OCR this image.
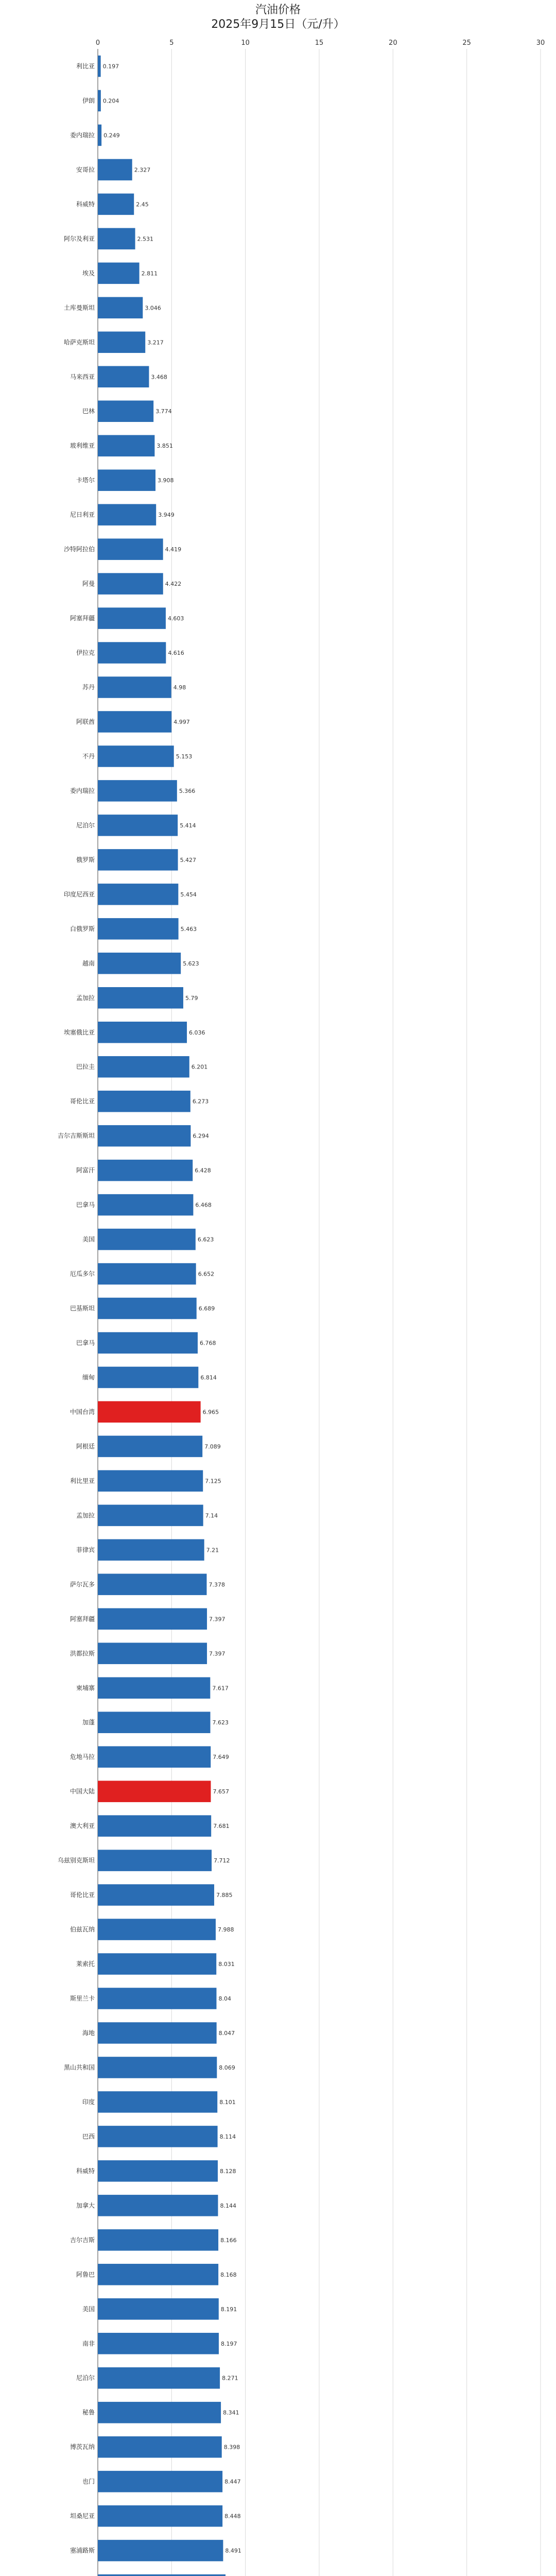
汽油价格
2025年9月15日（元/升）
0	5	10	15	20	25	30
利比亚 0.197
伊朗 0.204
委内瑞拉 0.249
安哥拉	2.327
科威特	2.45
阿尔及利亚	2.531
埃及	2.811
土库曼斯坦	3.046
哈萨克斯坦	3.217
马来西亚	3.468
巴林	3.774
玻利维亚	3.851
卡塔尔	3.908
尼日利亚	3.949
沙特阿拉伯	4.419
阿曼	4.422
阿塞拜疆	4.603
伊拉克	4.616
苏丹	4.98
阿联酋	4.997
不丹	5.153
委内瑞拉	5.366
尼泊尔	5.414
俄罗斯	5.427
印度尼西亚	5.454
白俄罗斯	5.463
越南	5.623
孟加拉	5.79
埃塞俄比亚	6.036
巴拉圭	6.201
哥伦比亚	6.273
吉尔吉斯斯坦	6.294
阿富汗	6.428
巴拿马	6.468
美国	6.623
厄瓜多尔	6.652
巴基斯坦	6.689
巴拿马	6.768
缅甸	6.814
中国台湾	6.965
阿根廷	7.089
利比里亚	7.125
孟加拉	7.14
菲律宾	7.21
萨尔瓦多	7.378
阿塞拜疆	7.397
洪都拉斯	7.397
柬埔寨	7.617
加蓬	7.623
危地马拉	7.649
中国大陆	7.657
澳大利亚	7.681
乌兹别克斯坦	7.712
哥伦比亚	7.885
伯兹瓦纳	7.988
莱索托	8.031
斯里兰卡	8.04
海地	8.047
黑山共和国	8.069
印度	8.101
巴西	8.114
科威特	8.128
加拿大	8.144
吉尔吉斯	8.166
阿鲁巴	8.168
美国	8.191
南非	8.197
尼泊尔	8.271
秘鲁	8.341
博茨瓦纳	8.398
也门	8.447
坦桑尼亚	8.448
塞浦路斯	8.491
